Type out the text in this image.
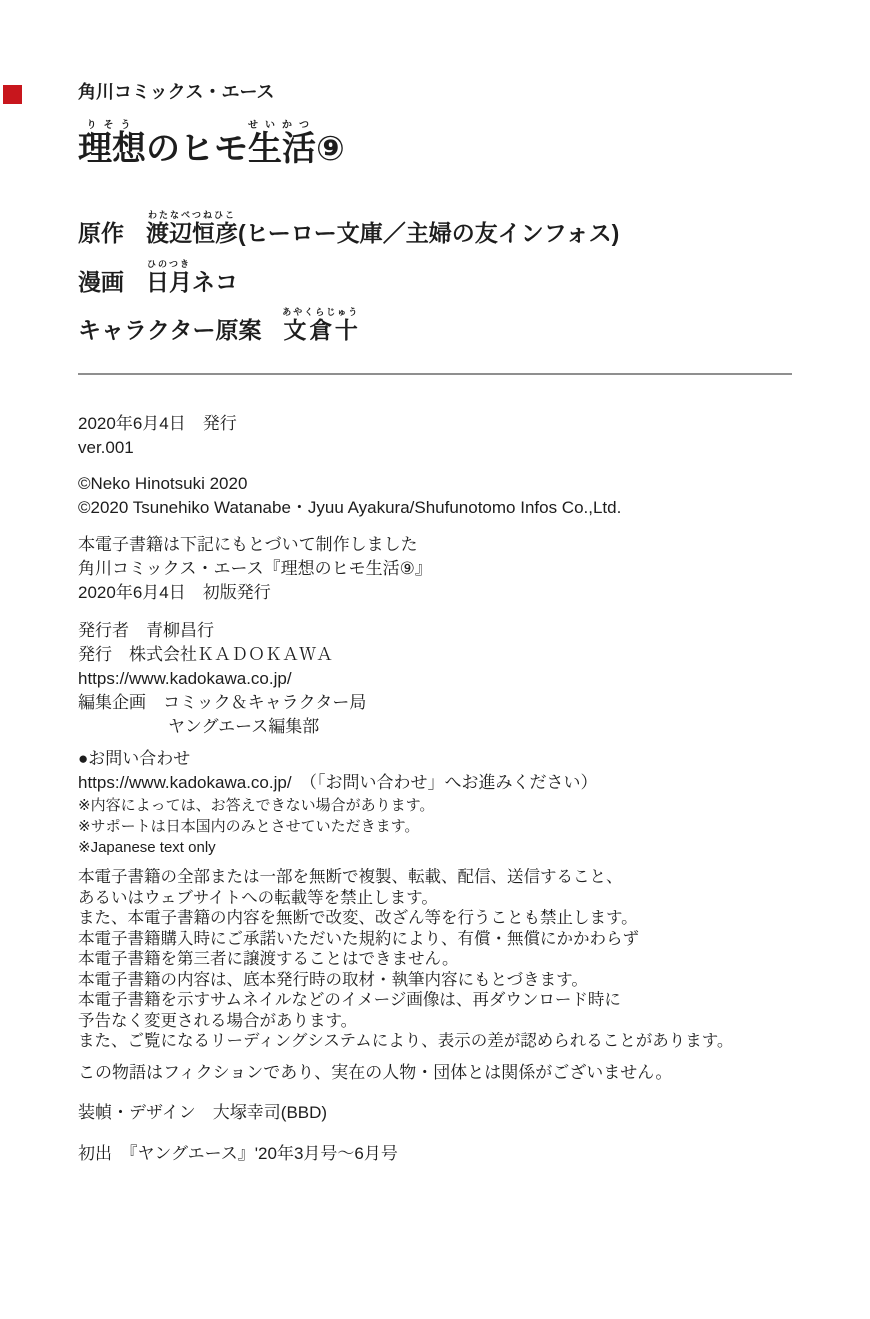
角川コミックス・エース
理想りそうのヒモ生活せいかつ⑨
原作 渡辺恒彦わたなべつねひこ(ヒーロー文庫／主婦の友インフォス)
漫画 日月ひのつきネコ
キャラクター原案 文倉十あやくらじゅう
2020年6月4日　発行
ver.001
©Neko Hinotsuki 2020
©2020 Tsunehiko Watanabe・Jyuu Ayakura/Shufunotomo Infos Co.,Ltd.
本電子書籍は下記にもとづいて制作しました
角川コミックス・エース『理想のヒモ生活⑨』
2020年6月4日　初版発行
発行者　青柳昌行
発行　株式会社ＫＡＤＯＫＡＷＡ
https://www.kadokawa.co.jp/
編集企画　コミック＆キャラクター局
ヤングエース編集部
●お問い合わせ
https://www.kadokawa.co.jp/　（「お問い合わせ」へお進みください）
※内容によっては、お答えできない場合があります。
※サポートは日本国内のみとさせていただきます。
※Japanese text only
本電子書籍の全部または一部を無断で複製、転載、配信、送信すること、
あるいはウェブサイトへの転載等を禁止します。
また、本電子書籍の内容を無断で改変、改ざん等を行うことも禁止します。
本電子書籍購入時にご承諾いただいた規約により、有償・無償にかかわらず
本電子書籍を第三者に譲渡することはできません。
本電子書籍の内容は、底本発行時の取材・執筆内容にもとづきます。
本電子書籍を示すサムネイルなどのイメージ画像は、再ダウンロード時に
予告なく変更される場合があります。
また、ご覧になるリーディングシステムにより、表示の差が認められることがあります。
この物語はフィクションであり、実在の人物・団体とは関係がございません。
装幀・デザイン　大塚幸司(BBD)
初出　『ヤングエース』'20年3月号〜6月号
